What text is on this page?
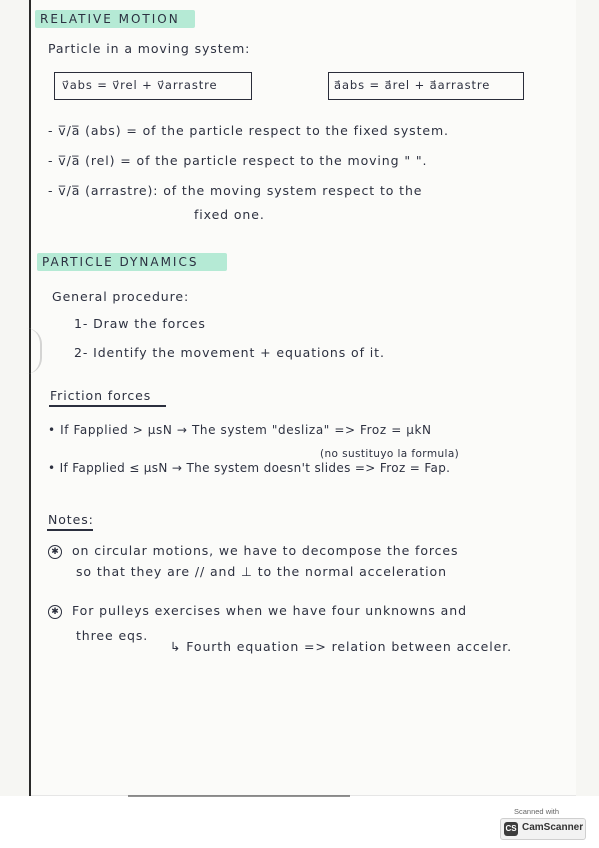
RELATIVE MOTION
Particle in a moving system:
v⃗abs = v⃗rel + v⃗arrastre	a⃗abs = a⃗rel + a⃗arrastre
- v̅/a̅ (abs) = of the particle respect to the fixed system.
- v̅/a̅ (rel) = of the particle respect to the moving " ".
- v̅/a̅ (arrastre): of the moving system respect to the
fixed one.
PARTICLE DYNAMICS
General procedure:
1- Draw the forces
2- Identify the movement + equations of it.
Friction forces
• If Fapplied > μsN → The system "desliza" => Froz = μkN
(no sustituyo la formula)
• If Fapplied ≤ μsN → The system doesn't slides => Froz = Fap.
Notes:
✱ on circular motions, we have to decompose the forces
so that they are // and ⊥ to the normal acceleration
✱ For pulleys exercises when we have four unknowns and
three eqs.
↳ Fourth equation => relation between acceler.
Scanned with
CS CamScanner
